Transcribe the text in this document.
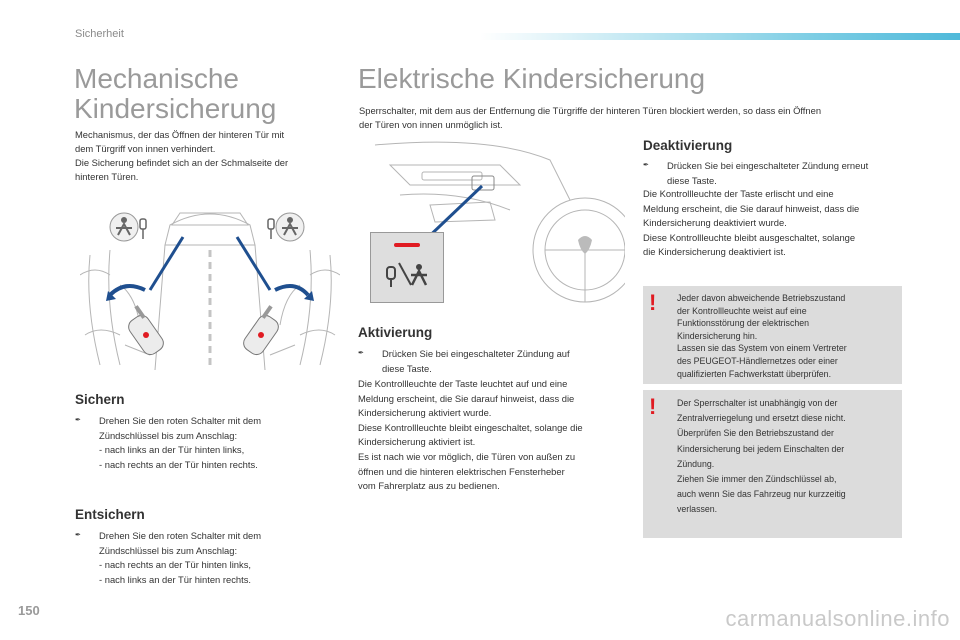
Sicherheit
Mechanische
Kindersicherung
Mechanismus, der das Öffnen der hinteren Tür mit
dem Türgriff von innen verhindert.
Die Sicherung befindet sich an der Schmalseite der
hinteren Türen.
Sichern
✒	Drehen Sie den roten Schalter mit dem
Zündschlüssel bis zum Anschlag:
- nach links an der Tür hinten links,
- nach rechts an der Tür hinten rechts.
Entsichern
✒	Drehen Sie den roten Schalter mit dem
Zündschlüssel bis zum Anschlag:
- nach rechts an der Tür hinten links,
- nach links an der Tür hinten rechts.
Elektrische Kindersicherung
Sperrschalter, mit dem aus der Entfernung die Türgriffe der hinteren Türen blockiert werden, so dass ein Öffnen
der Türen von innen unmöglich ist.
Aktivierung
✒	Drücken Sie bei eingeschalteter Zündung auf
diese Taste.
Die Kontrollleuchte der Taste leuchtet auf und eine
Meldung erscheint, die Sie darauf hinweist, dass die
Kindersicherung aktiviert wurde.
Diese Kontrollleuchte bleibt eingeschaltet, solange die
Kindersicherung aktiviert ist.
Es ist nach wie vor möglich, die Türen von außen zu
öffnen und die hinteren elektrischen Fensterheber
vom Fahrerplatz aus zu bedienen.
Deaktivierung
✒	Drücken Sie bei eingeschalteter Zündung erneut
diese Taste.
Die Kontrollleuchte der Taste erlischt und eine
Meldung erscheint, die Sie darauf hinweist, dass die
Kindersicherung deaktiviert wurde.
Diese Kontrollleuchte bleibt ausgeschaltet, solange
die Kindersicherung deaktiviert ist.
! Jeder davon abweichende Betriebszustand
der Kontrollleuchte weist auf eine
Funktionsstörung der elektrischen
Kindersicherung hin.
Lassen sie das System von einem Vertreter
des PEUGEOT-Händlernetzes oder einer
qualifizierten Fachwerkstatt überprüfen.
! Der Sperrschalter ist unabhängig von der
Zentralverriegelung und ersetzt diese nicht.
Überprüfen Sie den Betriebszustand der
Kindersicherung bei jedem Einschalten der
Zündung.
Ziehen Sie immer den Zündschlüssel ab,
auch wenn Sie das Fahrzeug nur kurzzeitig
verlassen.
150	carmanualsonline.info
